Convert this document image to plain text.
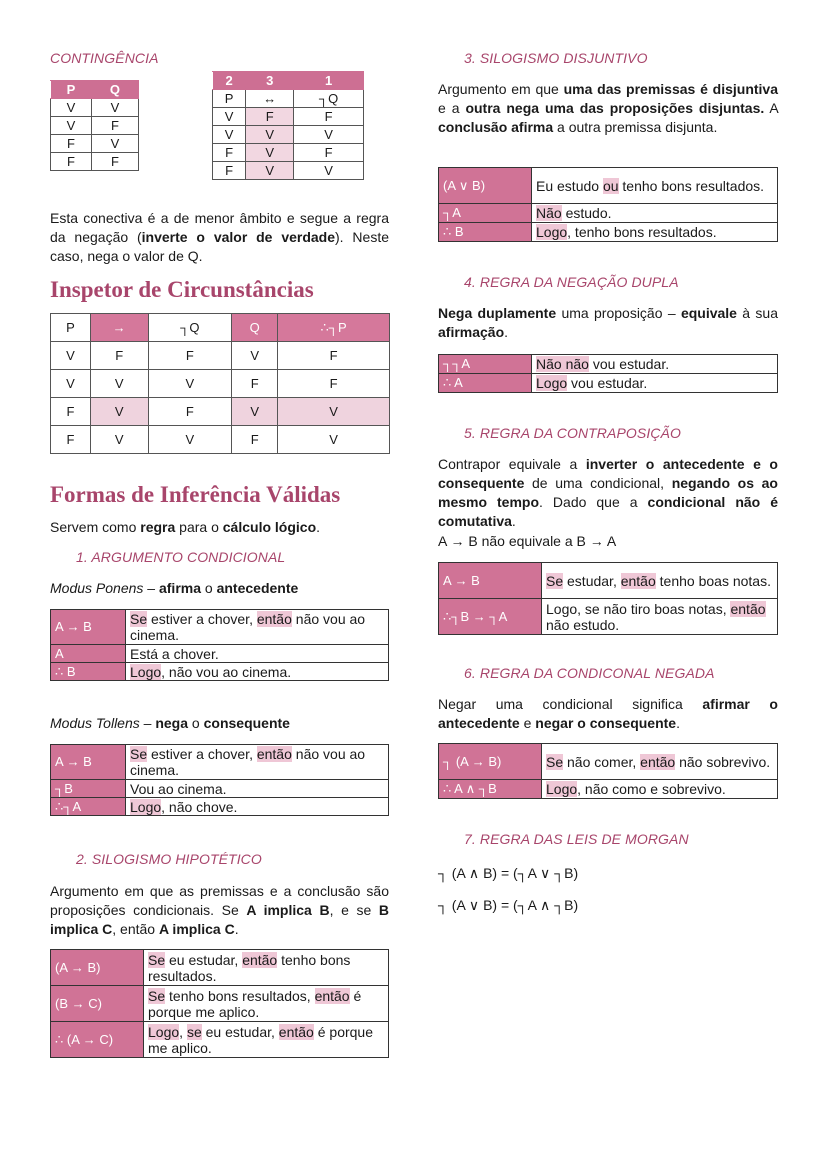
CONTINGÊNCIA
P	Q
V	V
V	F
F	V
F	F
2	3	1
P	↔	┐Q
V	F	F
V	V	V
F	V	F
F	V	V

Esta conectiva é a de menor âmbito e segue a regra da negação (inverte o valor de verdade). Neste caso, nega o valor de Q.

Inspetor de Circunstâncias
P	→	┐Q	Q	∴┐P
V	F	F	V	F
V	V	V	F	F
F	V	F	V	V
F	V	V	F	V
Formas de Inferência Válidas

Servem como regra para o cálculo lógico.

1. ARGUMENTO CONDICIONAL

Modus Ponens – afirma o antecedente

A → B	Se estiver a chover, então não vou ao cinema.
A	Está a chover.
∴ B	Logo, não vou ao cinema.

Modus Tollens – nega o consequente

A → B	Se estiver a chover, então não vou ao cinema.
┐B	Vou ao cinema.
∴┐A	Logo, não chove.
2. SILOGISMO HIPOTÉTICO

Argumento em que as premissas e a conclusão são proposições condicionais. Se A implica B, e se B implica C, então A implica C.

(A → B)	Se eu estudar, então tenho bons resultados.
(B → C)	Se tenho bons resultados, então é porque me aplico.
∴ (A → C)	Logo, se eu estudar, então é porque me aplico.
3. SILOGISMO DISJUNTIVO

Argumento em que uma das premissas é disjuntiva e a outra nega uma das proposições disjuntas. A conclusão afirma a outra premissa disjunta.

(A ∨ B)	Eu estudo ou tenho bons resultados.
┐A	Não estudo.
∴ B	Logo, tenho bons resultados.
4. REGRA DA NEGAÇÃO DUPLA

Nega duplamente uma proposição – equivale à sua afirmação.

┐┐A	Não não vou estudar.
∴ A	Logo vou estudar.
5. REGRA DA CONTRAPOSIÇÃO

Contrapor equivale a inverter o antecedente e o consequente de uma condicional, negando os ao mesmo tempo. Dado que a condicional não é comutativa.

A → B não equivale a B → A

A → B	Se estudar, então tenho boas notas.
∴┐B → ┐A	Logo, se não tiro boas notas, então não estudo.
6. REGRA DA CONDICONAL NEGADA

Negar uma condicional significa afirmar o antecedente e negar o consequente.

┐ (A → B)	Se não comer, então não sobrevivo.
∴ A ∧ ┐B	Logo, não como e sobrevivo.
7. REGRA DAS LEIS DE MORGAN

┐ (A ∧ B) = (┐A ∨ ┐B)

┐ (A ∨ B) = (┐A ∧ ┐B)
